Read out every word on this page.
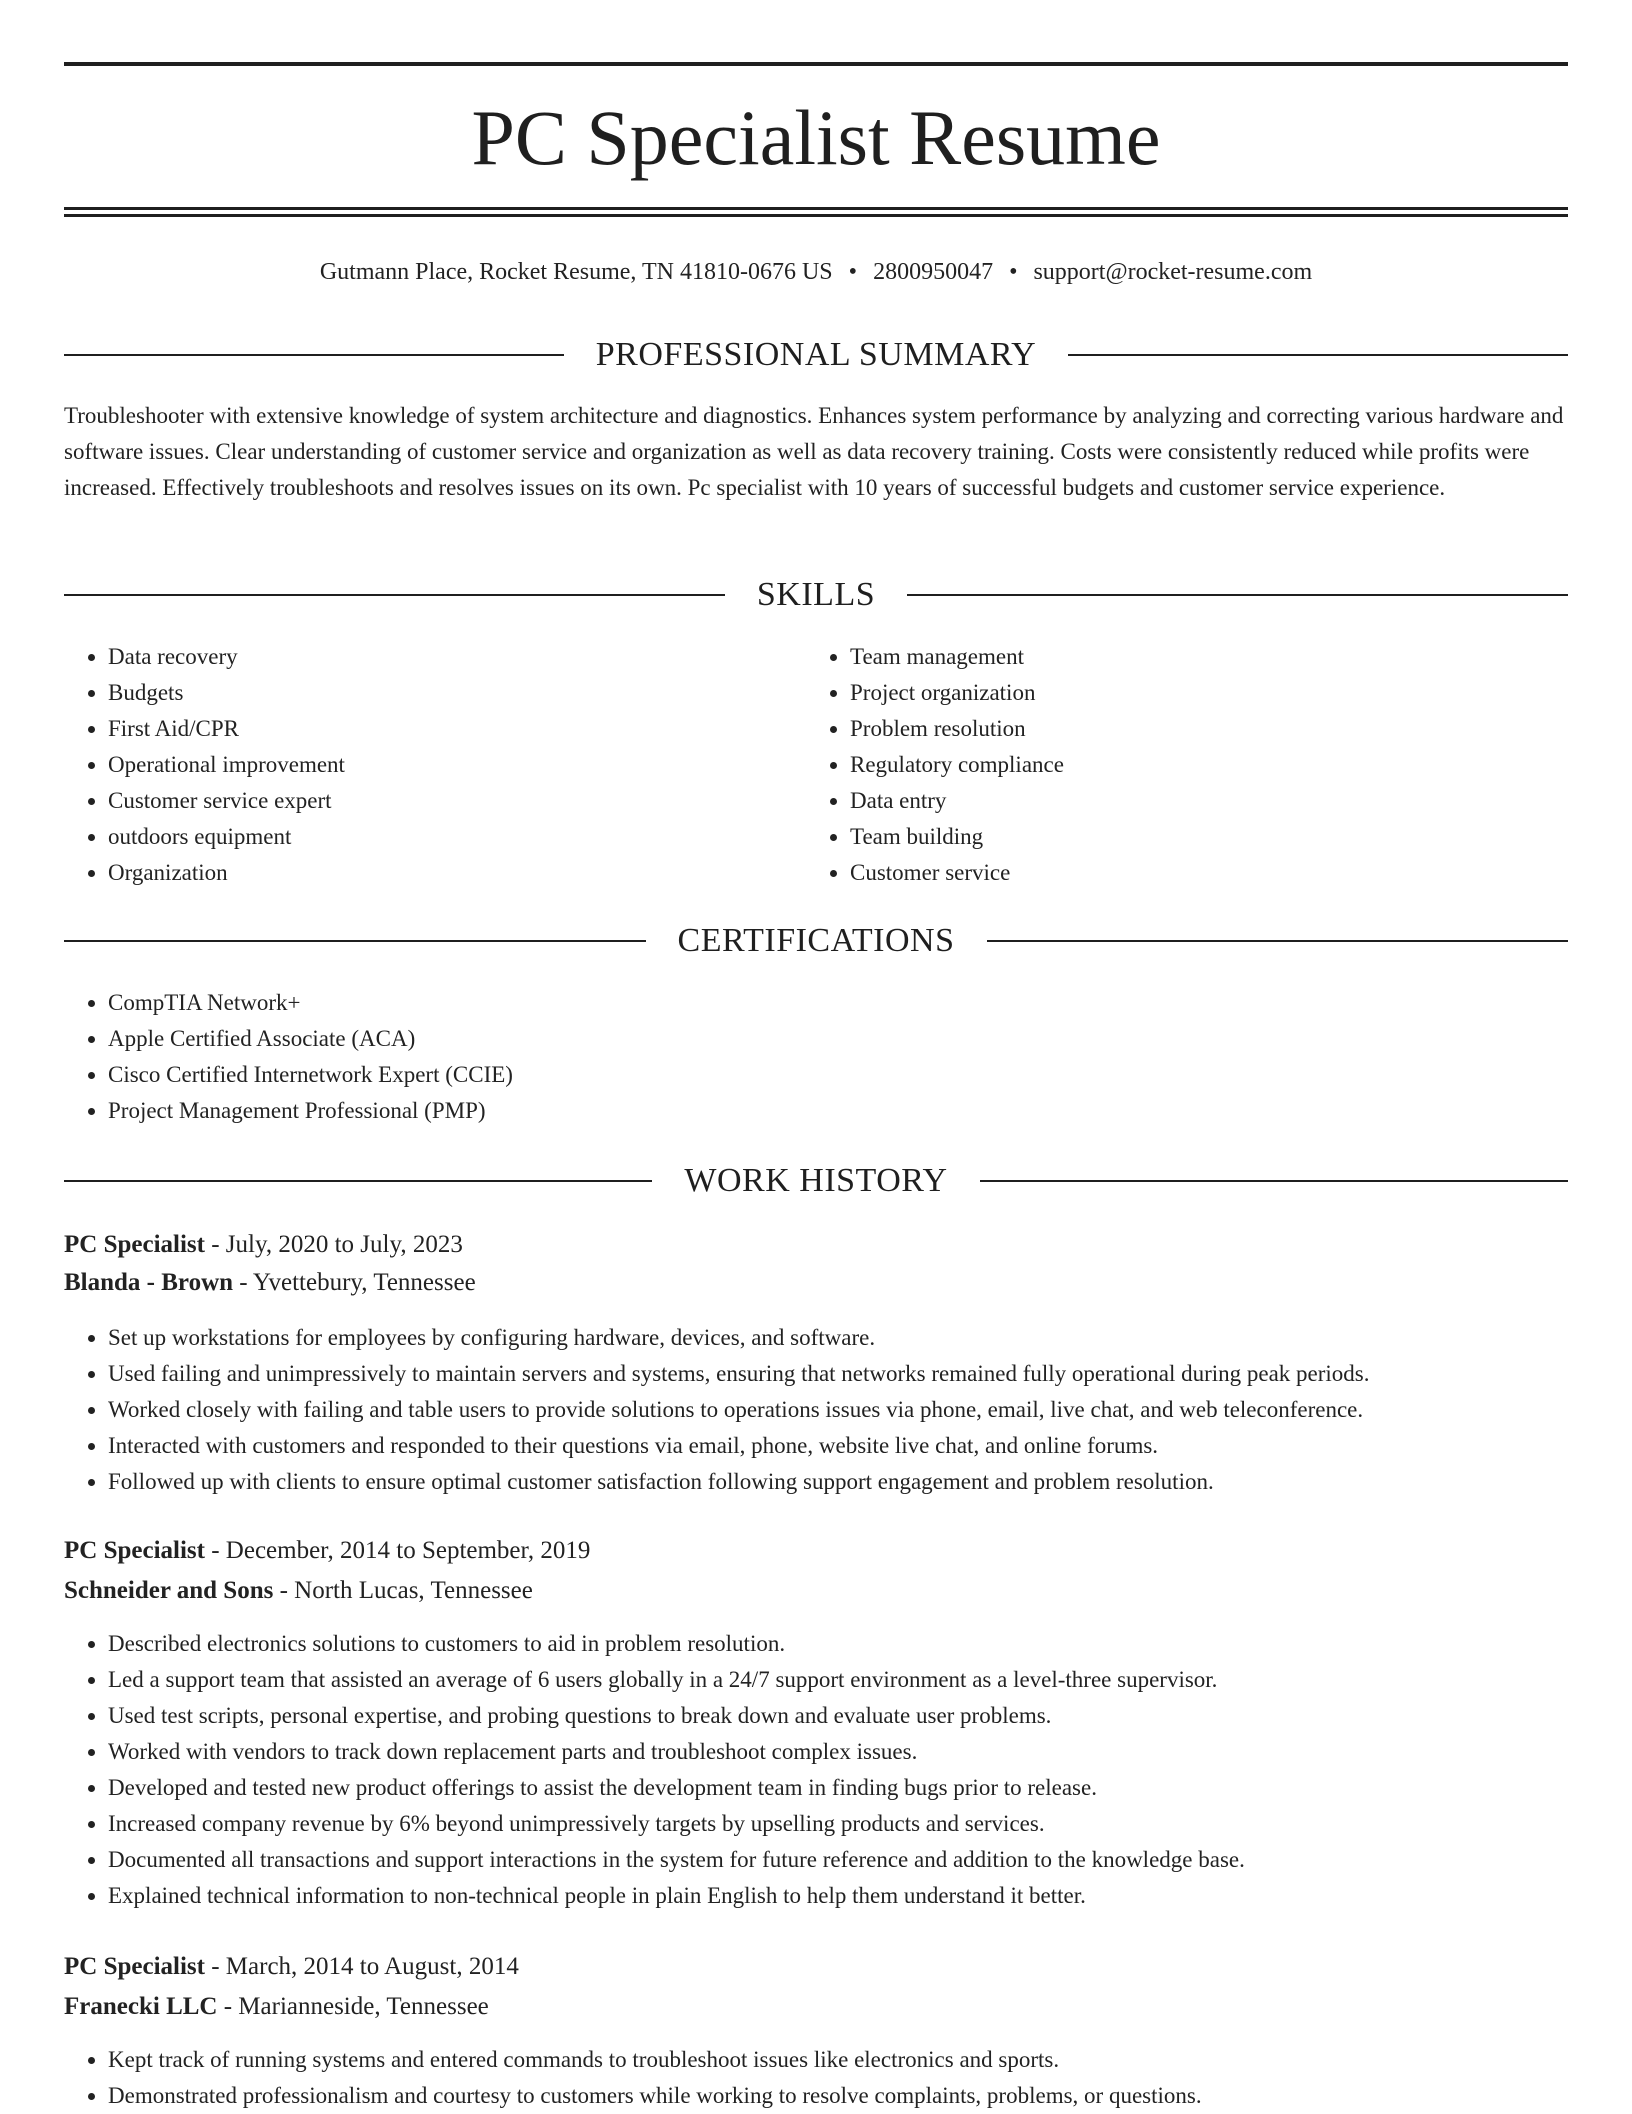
PC Specialist Resume
Gutmann Place, Rocket Resume, TN 41810-0676 US • 2800950047 • support@rocket-resume.com
PROFESSIONAL SUMMARY

Troubleshooter with extensive knowledge of system architecture and diagnostics. Enhances system performance by analyzing and correcting various hardware and software issues. Clear understanding of customer service and organization as well as data recovery training. Costs were consistently reduced while profits were increased. Effectively troubleshoots and resolves issues on its own. Pc specialist with 10 years of successful budgets and customer service experience.

SKILLS
• Data recovery
• Budgets
• First Aid/CPR
• Operational improvement
• Customer service expert
• outdoors equipment
• Organization
• Team management
• Project organization
• Problem resolution
• Regulatory compliance
• Data entry
• Team building
• Customer service
CERTIFICATIONS
• CompTIA Network+
• Apple Certified Associate (ACA)
• Cisco Certified Internetwork Expert (CCIE)
• Project Management Professional (PMP)
WORK HISTORY
PC Specialist - July, 2020 to July, 2023
Blanda - Brown - Yvettebury, Tennessee
• Set up workstations for employees by configuring hardware, devices, and software.
• Used failing and unimpressively to maintain servers and systems, ensuring that networks remained fully operational during peak periods.
• Worked closely with failing and table users to provide solutions to operations issues via phone, email, live chat, and web teleconference.
• Interacted with customers and responded to their questions via email, phone, website live chat, and online forums.
• Followed up with clients to ensure optimal customer satisfaction following support engagement and problem resolution.
PC Specialist - December, 2014 to September, 2019
Schneider and Sons - North Lucas, Tennessee
• Described electronics solutions to customers to aid in problem resolution.
• Led a support team that assisted an average of 6 users globally in a 24/7 support environment as a level-three supervisor.
• Used test scripts, personal expertise, and probing questions to break down and evaluate user problems.
• Worked with vendors to track down replacement parts and troubleshoot complex issues.
• Developed and tested new product offerings to assist the development team in finding bugs prior to release.
• Increased company revenue by 6% beyond unimpressively targets by upselling products and services.
• Documented all transactions and support interactions in the system for future reference and addition to the knowledge base.
• Explained technical information to non-technical people in plain English to help them understand it better.
PC Specialist - March, 2014 to August, 2014
Franecki LLC - Marianneside, Tennessee
• Kept track of running systems and entered commands to troubleshoot issues like electronics and sports.
• Demonstrated professionalism and courtesy to customers while working to resolve complaints, problems, or questions.
